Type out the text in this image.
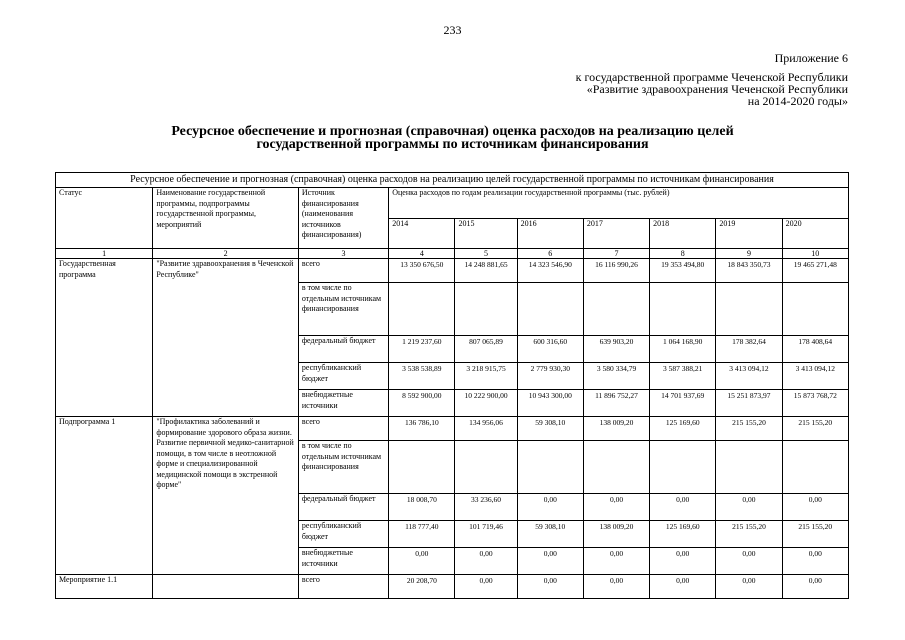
233
Приложение 6
к государственной программе Чеченской Республики
«Развитие здравоохранения Чеченской Республики
на 2014-2020 годы»
Ресурсное обеспечение и прогнозная (справочная) оценка расходов на реализацию целей
государственной программы по источникам финансирования
Ресурсное обеспечение и прогнозная (справочная) оценка расходов на реализацию целей государственной программы по источникам финансирования									
Статус	Наименование государственной программы, подпрограммы государственной программы, мероприятий	Источник финансирования (наименования источников финансирования)	Оценка расходов по годам реализации государственной программы (тыс. рублей)						
			2014	2015	2016	2017	2018	2019	2020
1	2	3	4	5	6	7	8	9	10
Государственная программа	"Развитие здравоохранения в Чеченской Республике"	всего	13 350 676,50	14 248 881,65	14 323 546,90	16 116 990,26	19 353 494,80	18 843 350,73	19 465 271,48
		в том числе по отдельным источникам финансирования							
		федеральный бюджет	1 219 237,60	807 065,89	600 316,60	639 903,20	1 064 168,90	178 382,64	178 408,64
		республиканский бюджет	3 538 538,89	3 218 915,75	2 779 930,30	3 580 334,79	3 587 388,21	3 413 094,12	3 413 094,12
		внебюджетные источники	8 592 900,00	10 222 900,00	10 943 300,00	11 896 752,27	14 701 937,69	15 251 873,97	15 873 768,72
Подпрограмма 1	"Профилактика заболеваний и формирование здорового образа жизни. Развитие первичной медико-санитарной помощи, в том числе в неотложной форме и специализированной медицинской помощи в экстренной форме"	всего	136 786,10	134 956,06	59 308,10	138 009,20	125 169,60	215 155,20	215 155,20
		в том числе по отдельным источникам финансирования							
		федеральный бюджет	18 008,70	33 236,60	0,00	0,00	0,00	0,00	0,00
		республиканский бюджет	118 777,40	101 719,46	59 308,10	138 009,20	125 169,60	215 155,20	215 155,20
		внебюджетные источники	0,00	0,00	0,00	0,00	0,00	0,00	0,00
Мероприятие 1.1		всего	20 208,70	0,00	0,00	0,00	0,00	0,00	0,00
